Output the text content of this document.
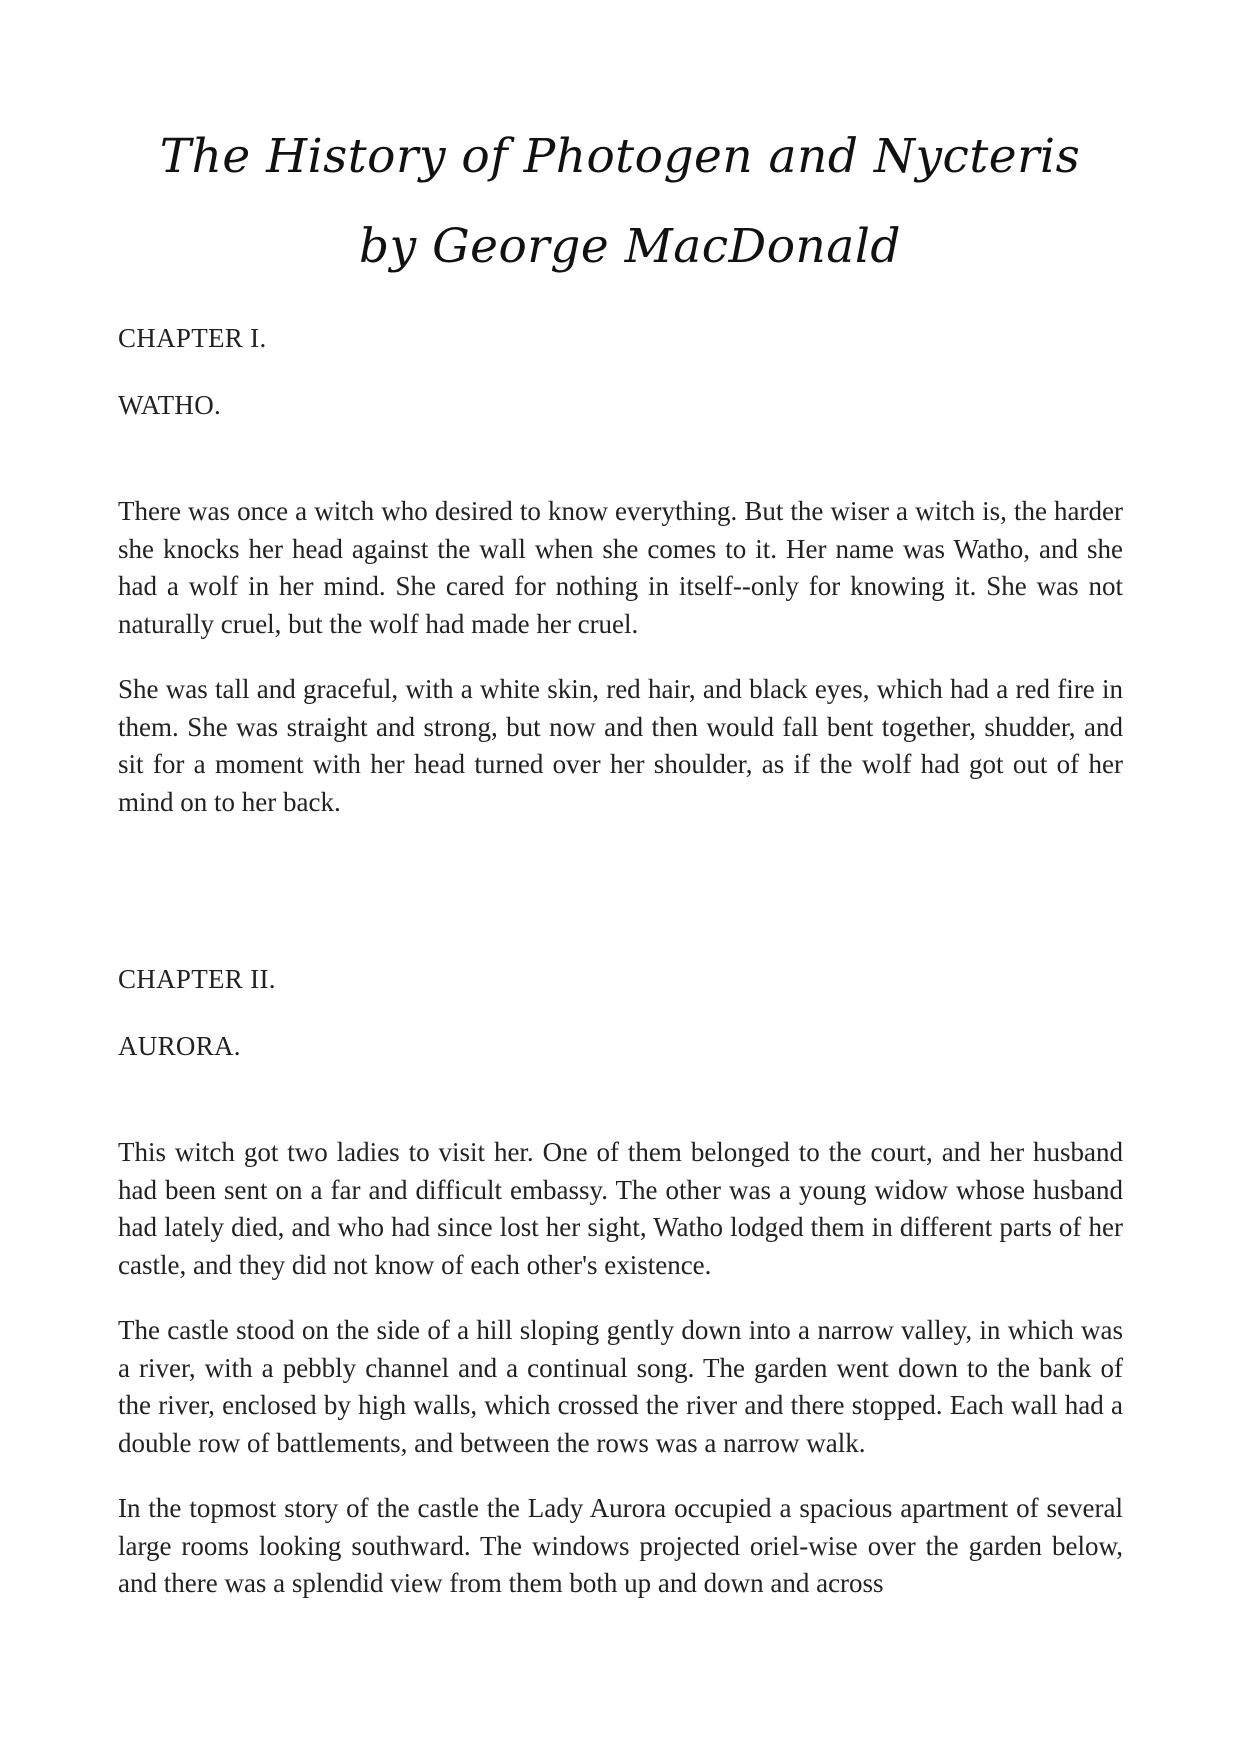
The History of Photogen and Nycteris
by George MacDonald
CHAPTER I.
WATHO.

There was once a witch who desired to know everything. But the wiser a witch is, the harder she knocks her head against the wall when she comes to it. Her name was Watho, and she had a wolf in her mind. She cared for nothing in itself--only for knowing it. She was not naturally cruel, but the wolf had made her cruel.

She was tall and graceful, with a white skin, red hair, and black eyes, which had a red fire in them. She was straight and strong, but now and then would fall bent together, shudder, and sit for a moment with her head turned over her shoulder, as if the wolf had got out of her mind on to her back.

CHAPTER II.
AURORA.

This witch got two ladies to visit her. One of them belonged to the court, and her husband had been sent on a far and difficult embassy. The other was a young widow whose husband had lately died, and who had since lost her sight, Watho lodged them in different parts of her castle, and they did not know of each other's existence.

The castle stood on the side of a hill sloping gently down into a narrow valley, in which was a river, with a pebbly channel and a continual song. The garden went down to the bank of the river, enclosed by high walls, which crossed the river and there stopped. Each wall had a double row of battlements, and between the rows was a narrow walk.

In the topmost story of the castle the Lady Aurora occupied a spacious apartment of several large rooms looking southward. The windows projected oriel-wise over the garden below, and there was a splendid view from them both up and down and across
